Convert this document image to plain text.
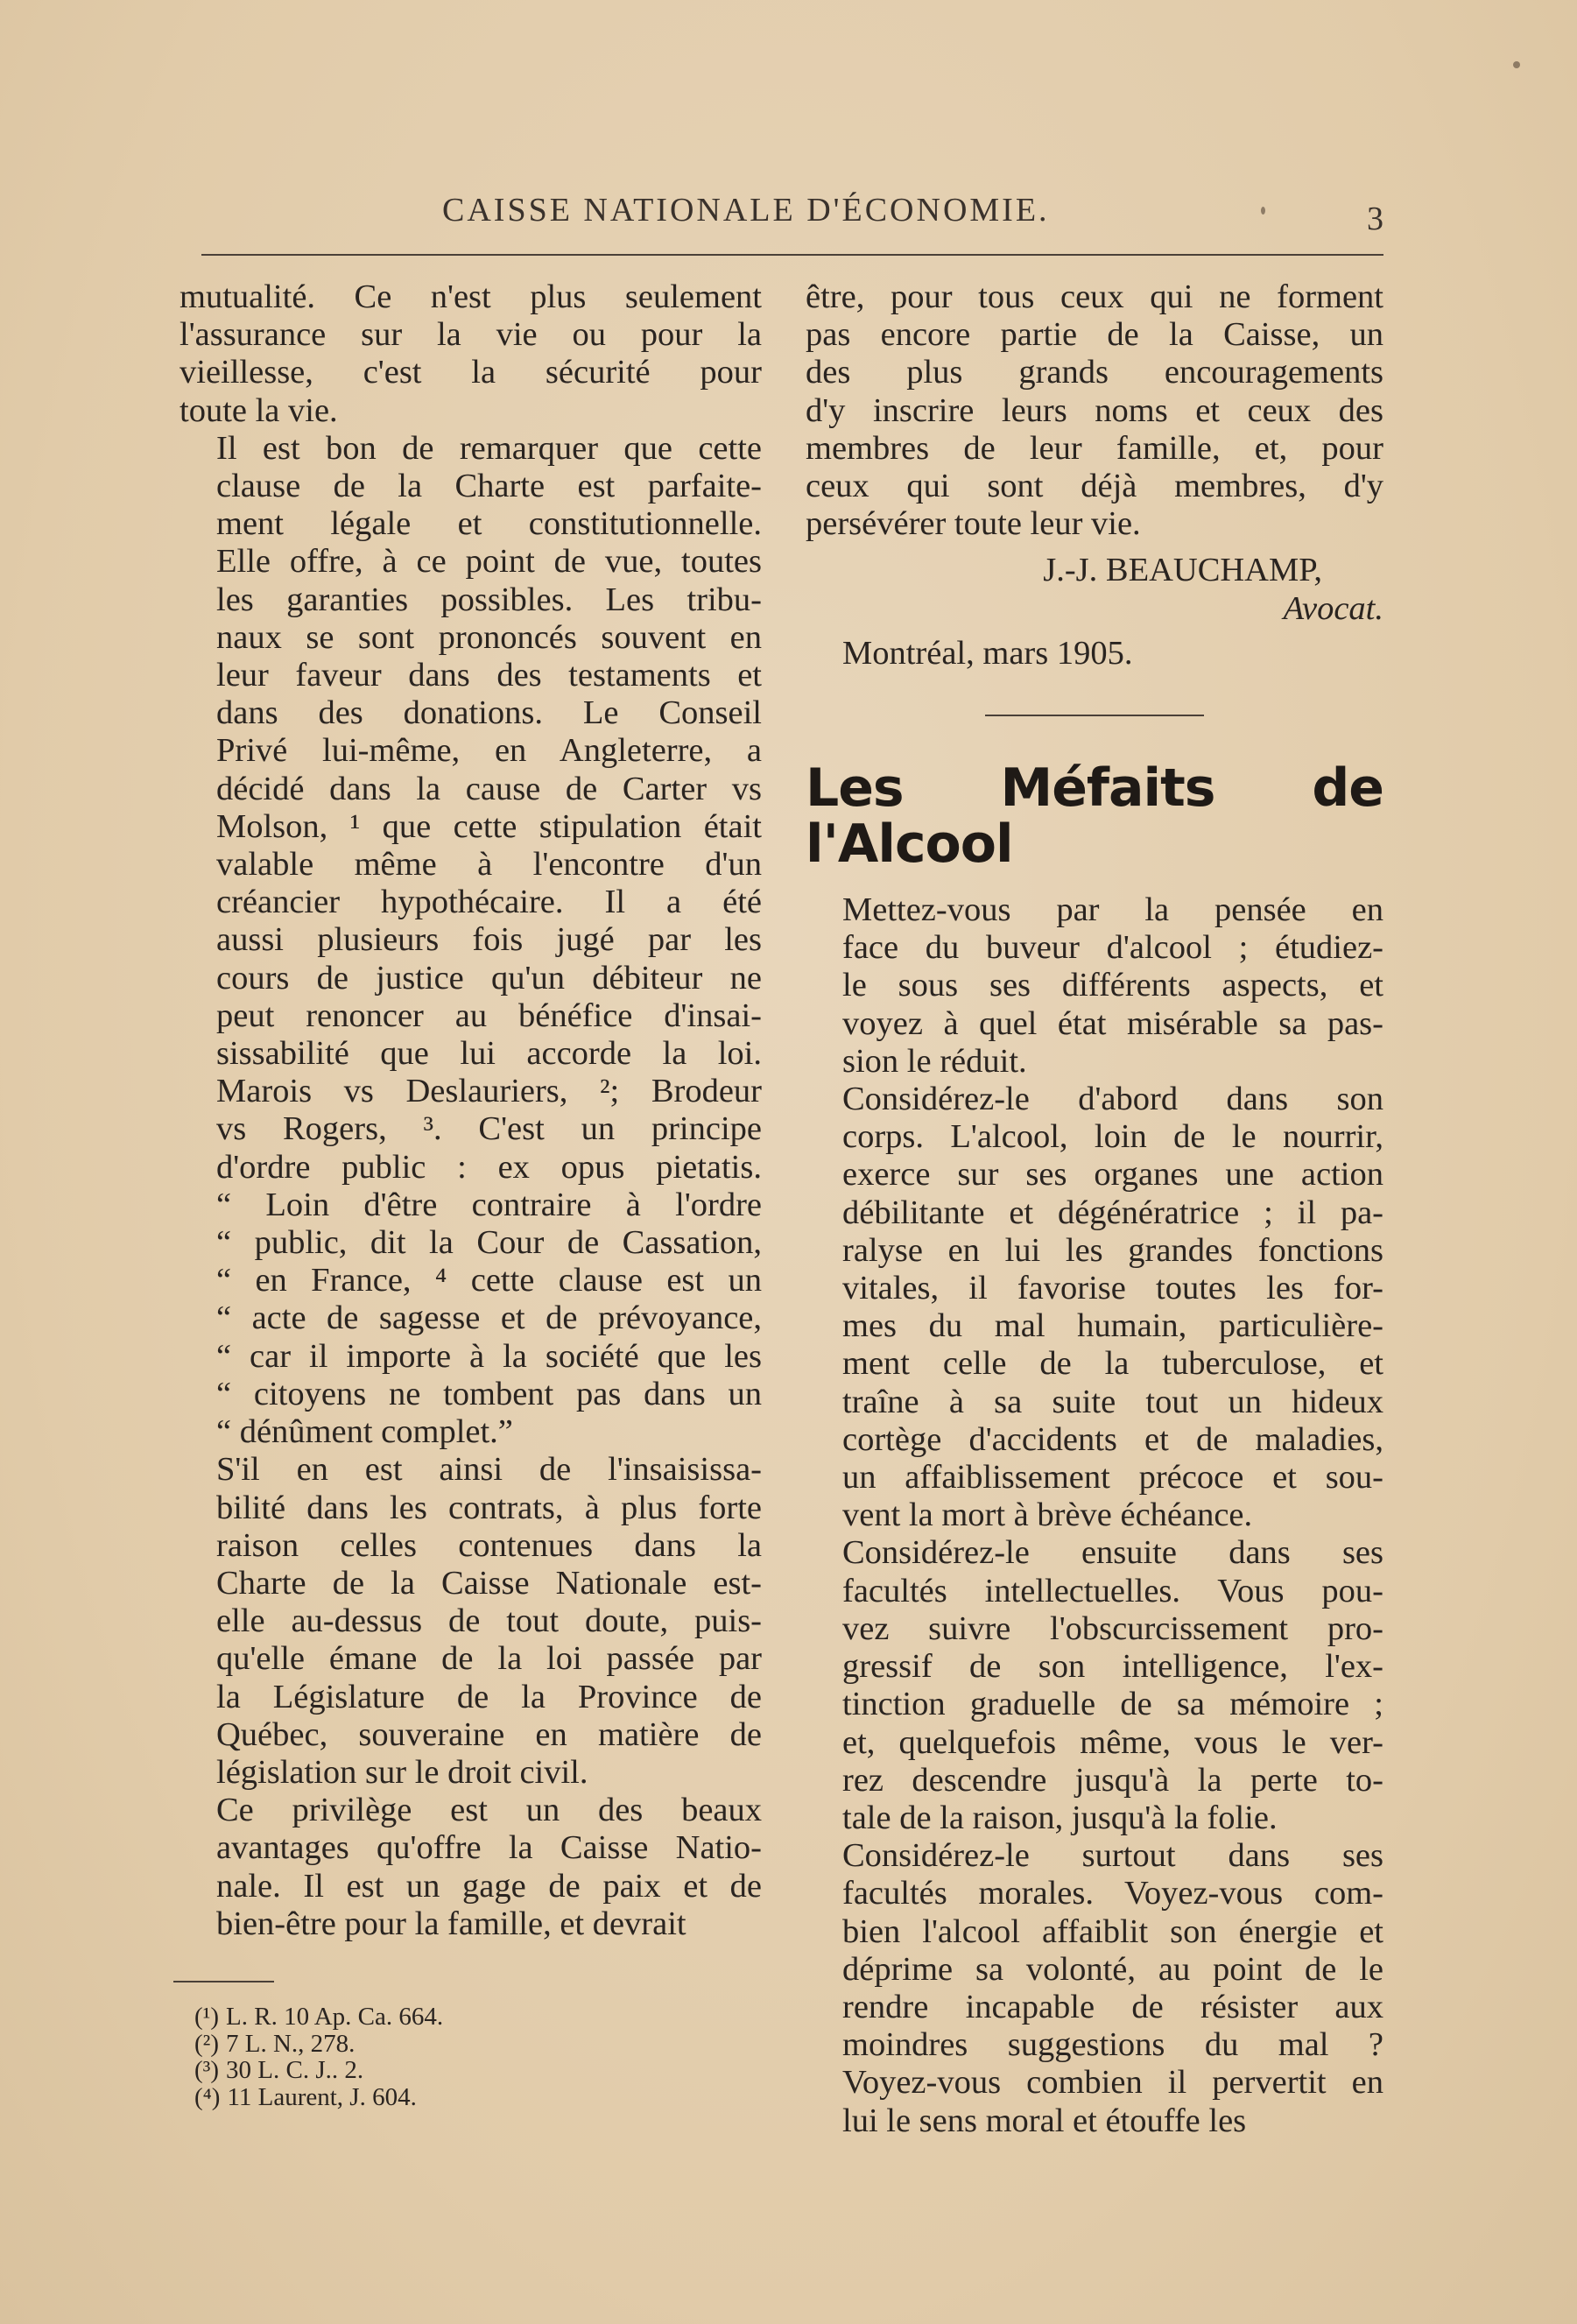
CAISSE NATIONALE D'ÉCONOMIE.	3

mutualité. Ce n'est plus seulement
l'assurance sur la vie ou pour la
vieillesse, c'est la sécurité pour
toute la vie.

Il est bon de remarquer que cette
clause de la Charte est parfaite-
ment légale et constitutionnelle.
Elle offre, à ce point de vue, toutes
les garanties possibles. Les tribu-
naux se sont prononcés souvent en
leur faveur dans des testaments et
dans des donations. Le Conseil
Privé lui-même, en Angleterre, a
décidé dans la cause de Carter vs
Molson, ¹ que cette stipulation était
valable même à l'encontre d'un
créancier hypothécaire. Il a été
aussi plusieurs fois jugé par les
cours de justice qu'un débiteur ne
peut renoncer au bénéfice d'insai-
sissabilité que lui accorde la loi.
Marois vs Deslauriers, ²; Brodeur
vs Rogers, ³. C'est un principe
d'ordre public : ex opus pietatis.
“ Loin d'être contraire à l'ordre
“ public, dit la Cour de Cassation,
“ en France, ⁴ cette clause est un
“ acte de sagesse et de prévoyance,
“ car il importe à la société que les
“ citoyens ne tombent pas dans un
“ dénûment complet.”

S'il en est ainsi de l'insaisissa-
bilité dans les contrats, à plus forte
raison celles contenues dans la
Charte de la Caisse Nationale est-
elle au-dessus de tout doute, puis-
qu'elle émane de la loi passée par
la Législature de la Province de
Québec, souveraine en matière de
législation sur le droit civil.

Ce privilège est un des beaux
avantages qu'offre la Caisse Natio-
nale. Il est un gage de paix et de
bien-être pour la famille, et devrait

(¹) L. R. 10 Ap. Ca. 664.
(²) 7 L. N., 278.
(³) 30 L. C. J.. 2.
(⁴) 11 Laurent, J. 604.

être, pour tous ceux qui ne forment
pas encore partie de la Caisse, un
des plus grands encouragements
d'y inscrire leurs noms et ceux des
membres de leur famille, et, pour
ceux qui sont déjà membres, d'y
persévérer toute leur vie.

J.-J. BEAUCHAMP,

Avocat.

Montréal, mars 1905.

Les Méfaits de l'Alcool

Mettez-vous par la pensée en
face du buveur d'alcool ; étudiez-
le sous ses différents aspects, et
voyez à quel état misérable sa pas-
sion le réduit.

Considérez-le d'abord dans son
corps. L'alcool, loin de le nourrir,
exerce sur ses organes une action
débilitante et dégénératrice ; il pa-
ralyse en lui les grandes fonctions
vitales, il favorise toutes les for-
mes du mal humain, particulière-
ment celle de la tuberculose, et
traîne à sa suite tout un hideux
cortège d'accidents et de maladies,
un affaiblissement précoce et sou-
vent la mort à brève échéance.

Considérez-le ensuite dans ses
facultés intellectuelles. Vous pou-
vez suivre l'obscurcissement pro-
gressif de son intelligence, l'ex-
tinction graduelle de sa mémoire ;
et, quelquefois même, vous le ver-
rez descendre jusqu'à la perte to-
tale de la raison, jusqu'à la folie.

Considérez-le surtout dans ses
facultés morales. Voyez-vous com-
bien l'alcool affaiblit son énergie et
déprime sa volonté, au point de le
rendre incapable de résister aux
moindres suggestions du mal ?
Voyez-vous combien il pervertit en
lui le sens moral et étouffe les
